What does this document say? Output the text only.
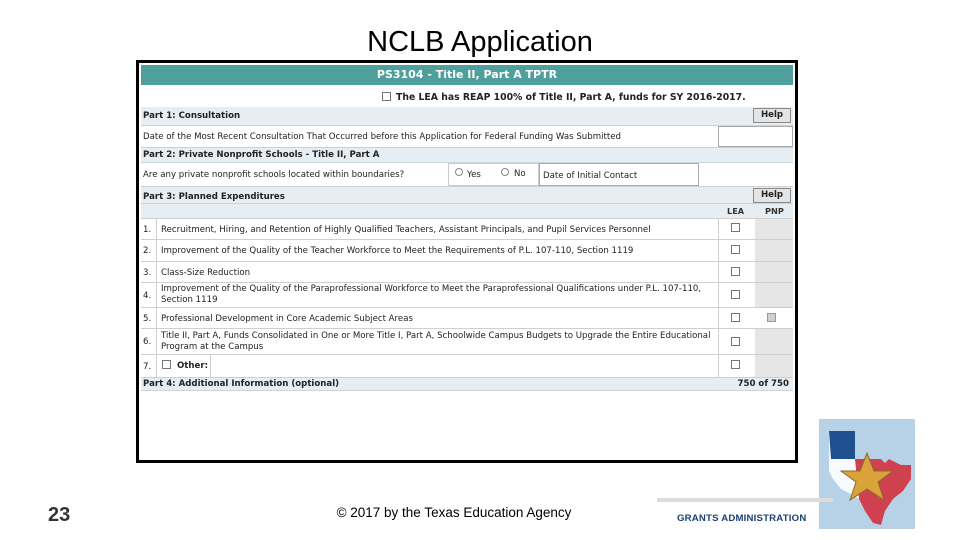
NCLB Application
PS3104 - Title II, Part A TPTR
The LEA has REAP 100% of Title II, Part A, funds for SY 2016-2017.
Part 1: Consultation	Help
Date of the Most Recent Consultation That Occurred before this Application for Federal Funding Was Submitted
Part 2: Private Nonprofit Schools - Title II, Part A
Are any private nonprofit schools located within boundaries?	Yes	No Date of Initial Contact
Part 3: Planned Expenditures	Help
LEA	PNP
1. Recruitment, Hiring, and Retention of Highly Qualified Teachers, Assistant Principals, and Pupil Services Personnel
2. Improvement of the Quality of the Teacher Workforce to Meet the Requirements of P.L. 107-110, Section 1119
3. Class-Size Reduction
4.
Improvement of the Quality of the Paraprofessional Workforce to Meet the Paraprofessional Qualifications under P.L. 107-110, Section 1119
5. Professional Development in Core Academic Subject Areas
6.
Title II, Part A, Funds Consolidated in One or More Title I, Part A, Schoolwide Campus Budgets to Upgrade the Entire Educational Program at the Campus
7.	Other:
Part 4: Additional Information (optional)	750 of 750
23	© 2017 by the Texas Education Agency	GRANTS ADMINISTRATION
